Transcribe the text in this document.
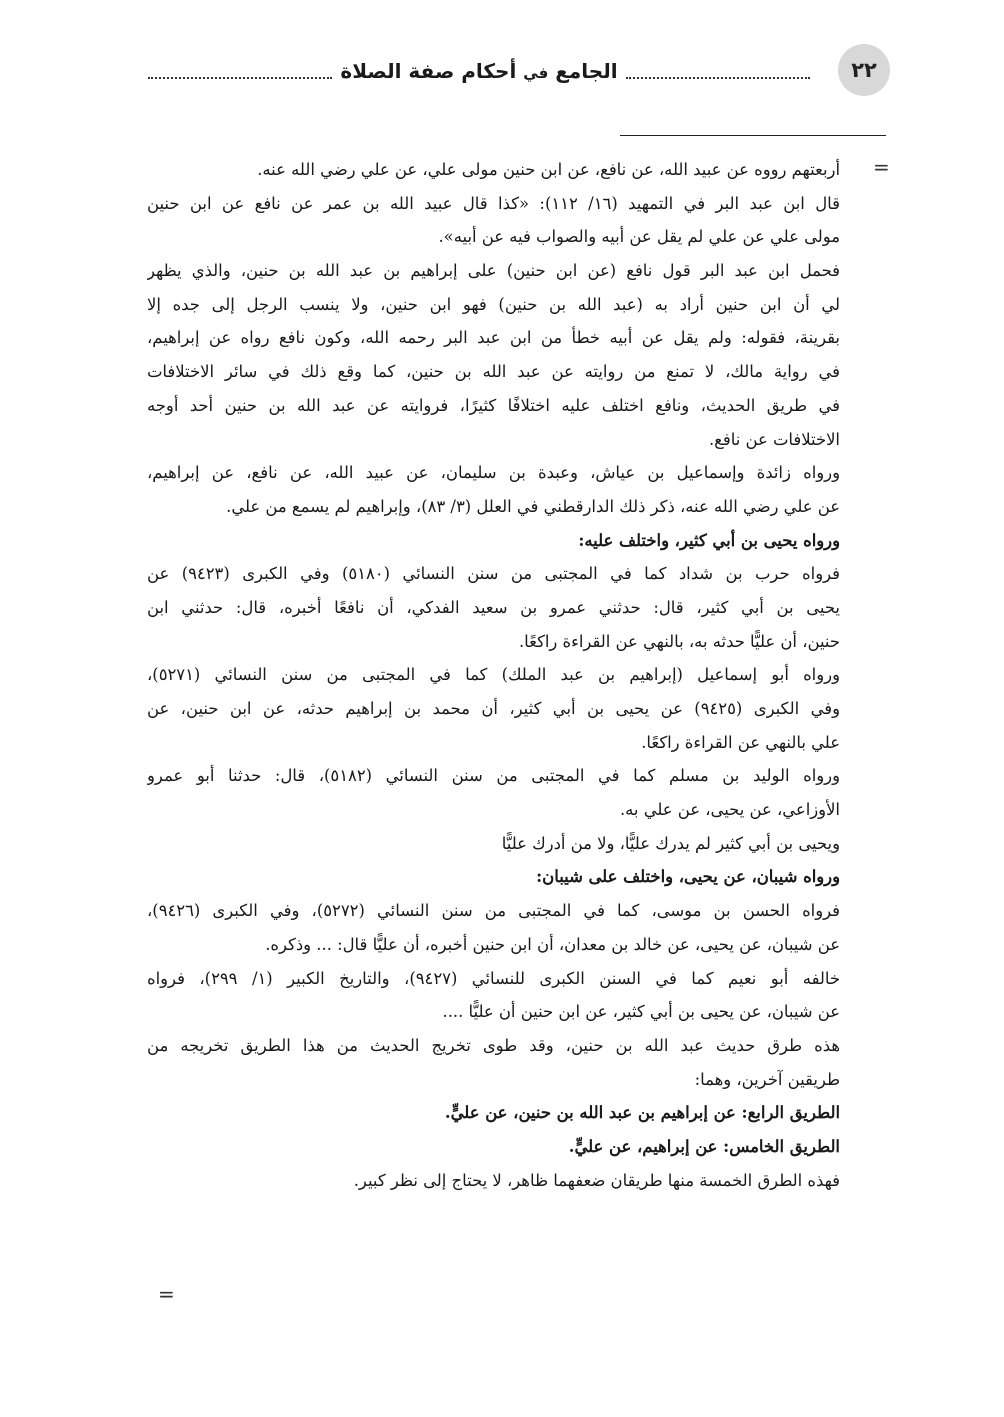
٢٢
الجامع في أحكام صفة الصلاة
=
=
أربعتهم رووه عن عبيد الله، عن نافع، عن ابن حنين مولى علي، عن علي رضي الله عنه.
قال ابن عبد البر في التمهيد (١٦/ ١١٢): «كذا قال عبيد الله بن عمر عن نافع عن ابن حنين
مولى علي عن علي لم يقل عن أبيه والصواب فيه عن أبيه».
فحمل ابن عبد البر قول نافع (عن ابن حنين) على إبراهيم بن عبد الله بن حنين، والذي يظهر
لي أن ابن حنين أراد به (عبد الله بن حنين) فهو ابن حنين، ولا ينسب الرجل إلى جده إلا
بقرينة، فقوله: ولم يقل عن أبيه خطأ من ابن عبد البر رحمه الله، وكون نافع رواه عن إبراهيم،
في رواية مالك، لا تمنع من روايته عن عبد الله بن حنين، كما وقع ذلك في سائر الاختلافات
في طريق الحديث، ونافع اختلف عليه اختلافًا كثيرًا، فروايته عن عبد الله بن حنين أحد أوجه
الاختلافات عن نافع.
ورواه زائدة وإسماعيل بن عياش، وعبدة بن سليمان، عن عبيد الله، عن نافع، عن إبراهيم،
عن علي رضي الله عنه، ذكر ذلك الدارقطني في العلل (٣/ ٨٣)، وإبراهيم لم يسمع من علي.
ورواه يحيى بن أبي كثير، واختلف عليه:
فرواه حرب بن شداد كما في المجتبى من سنن النسائي (٥١٨٠) وفي الكبرى (٩٤٢٣) عن
يحيى بن أبي كثير، قال: حدثني عمرو بن سعيد الفدكي، أن نافعًا أخبره، قال: حدثني ابن
حنين، أن عليًّا حدثه به، بالنهي عن القراءة راكعًا.
ورواه أبو إسماعيل (إبراهيم بن عبد الملك) كما في المجتبى من سنن النسائي (٥٢٧١)،
وفي الكبرى (٩٤٢٥) عن يحيى بن أبي كثير، أن محمد بن إبراهيم حدثه، عن ابن حنين، عن
علي بالنهي عن القراءة راكعًا.
ورواه الوليد بن مسلم كما في المجتبى من سنن النسائي (٥١٨٢)، قال: حدثنا أبو عمرو
الأوزاعي، عن يحيى، عن علي به.
ويحيى بن أبي كثير لم يدرك عليًّا، ولا من أدرك عليًّا
ورواه شيبان، عن يحيى، واختلف على شيبان:
فرواه الحسن بن موسى، كما في المجتبى من سنن النسائي (٥٢٧٢)، وفي الكبرى (٩٤٢٦)،
عن شيبان، عن يحيى، عن خالد بن معدان، أن ابن حنين أخبره، أن عليًّا قال: ... وذكره.
خالفه أبو نعيم كما في السنن الكبرى للنسائي (٩٤٢٧)، والتاريخ الكبير (١/ ٢٩٩)، فرواه
عن شيبان، عن يحيى بن أبي كثير، عن ابن حنين أن عليًّا ....
هذه طرق حديث عبد الله بن حنين، وقد طوى تخريج الحديث من هذا الطريق تخريجه من
طريقين آخرين، وهما:
الطريق الرابع: عن إبراهيم بن عبد الله بن حنين، عن عليٍّ.
الطريق الخامس: عن إبراهيم، عن عليٍّ.
فهذه الطرق الخمسة منها طريقان ضعفهما ظاهر، لا يحتاج إلى نظر كبير.
